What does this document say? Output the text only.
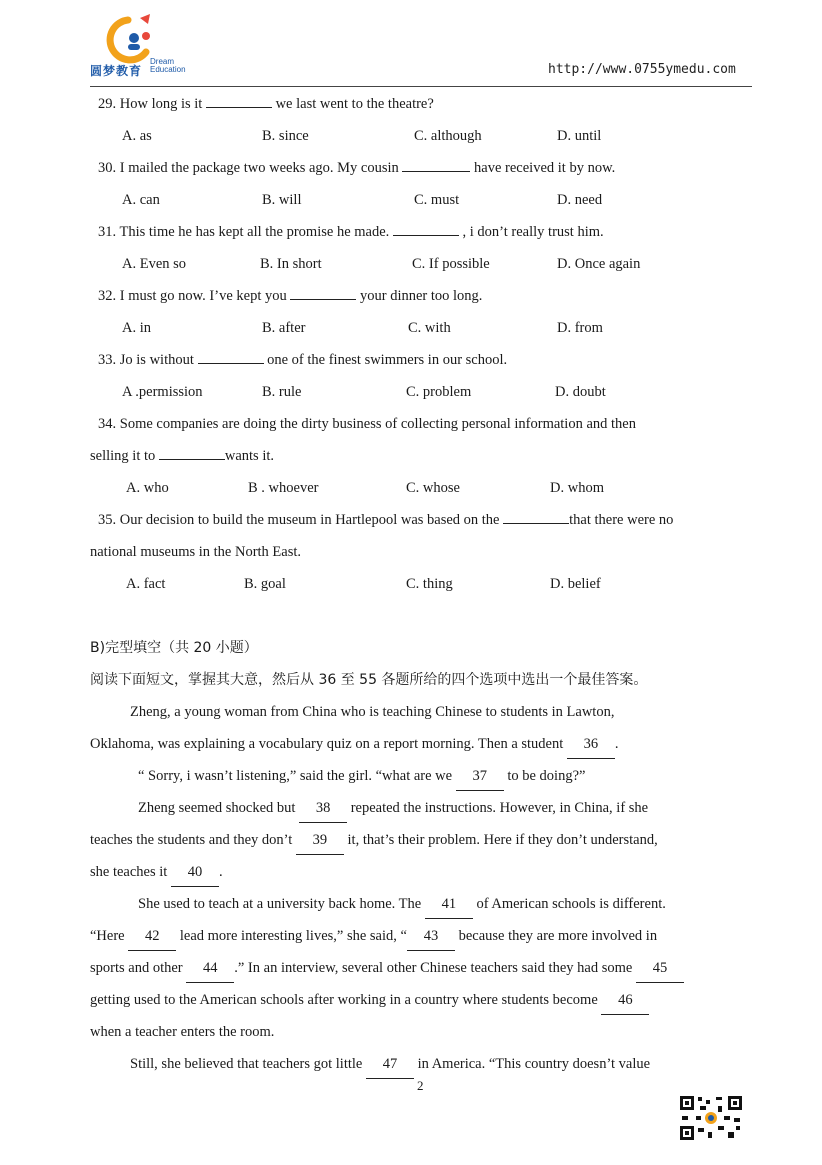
圆梦教育
Dream
Education	http://www.0755ymedu.com
29. How long is it	we last went to the theatre?
A. as	B. since	C. although	D. until
30. I mailed the package two weeks ago. My cousin	have received it by now.
A. can	B. will	C. must	D. need
31. This time he has kept all the promise he made.	, i don’t really trust him.
A. Even so	B. In short	C. If possible	D. Once again
32. I must go now. I’ve kept you	your dinner too long.
A. in	B. after	C. with	D. from
33. Jo is without	one of the finest swimmers in our school.
A .permission	B. rule	C. problem	D. doubt
34. Some companies are doing the dirty business of collecting personal information and then
selling it to	wants it.
A. who	B . whoever	C. whose	D. whom
35. Our decision to build the museum in Hartlepool was based on the	that there were no
national museums in the North East.
A. fact	B. goal	C. thing	D. belief
B)完型填空（共 20 小题）
阅读下面短文，掌握其大意，然后从 36 至 55 各题所给的四个选项中选出一个最佳答案。
Zheng, a young woman from China who is teaching Chinese to students in Lawton,
Oklahoma, was explaining a vocabulary quiz on a report morning. Then a student 36 .
“ Sorry, i wasn’t listening,” said the girl. “what are we 37 to be doing?”
Zheng seemed shocked but 38 repeated the instructions. However, in China, if she
teaches the students and they don’t 39 it, that’s their problem. Here if they don’t understand,
she teaches it 40 .
She used to teach at a university back home. The 41 of American schools is different.
“Here 42 lead more interesting lives,” she said, “ 43 because they are more involved in
sports and other 44 .” In an interview, several other Chinese teachers said they had some 45
getting used to the American schools after working in a country where students become 46
when a teacher enters the room.
Still, she believed that teachers got little 47 in America. “This country doesn’t value
2
